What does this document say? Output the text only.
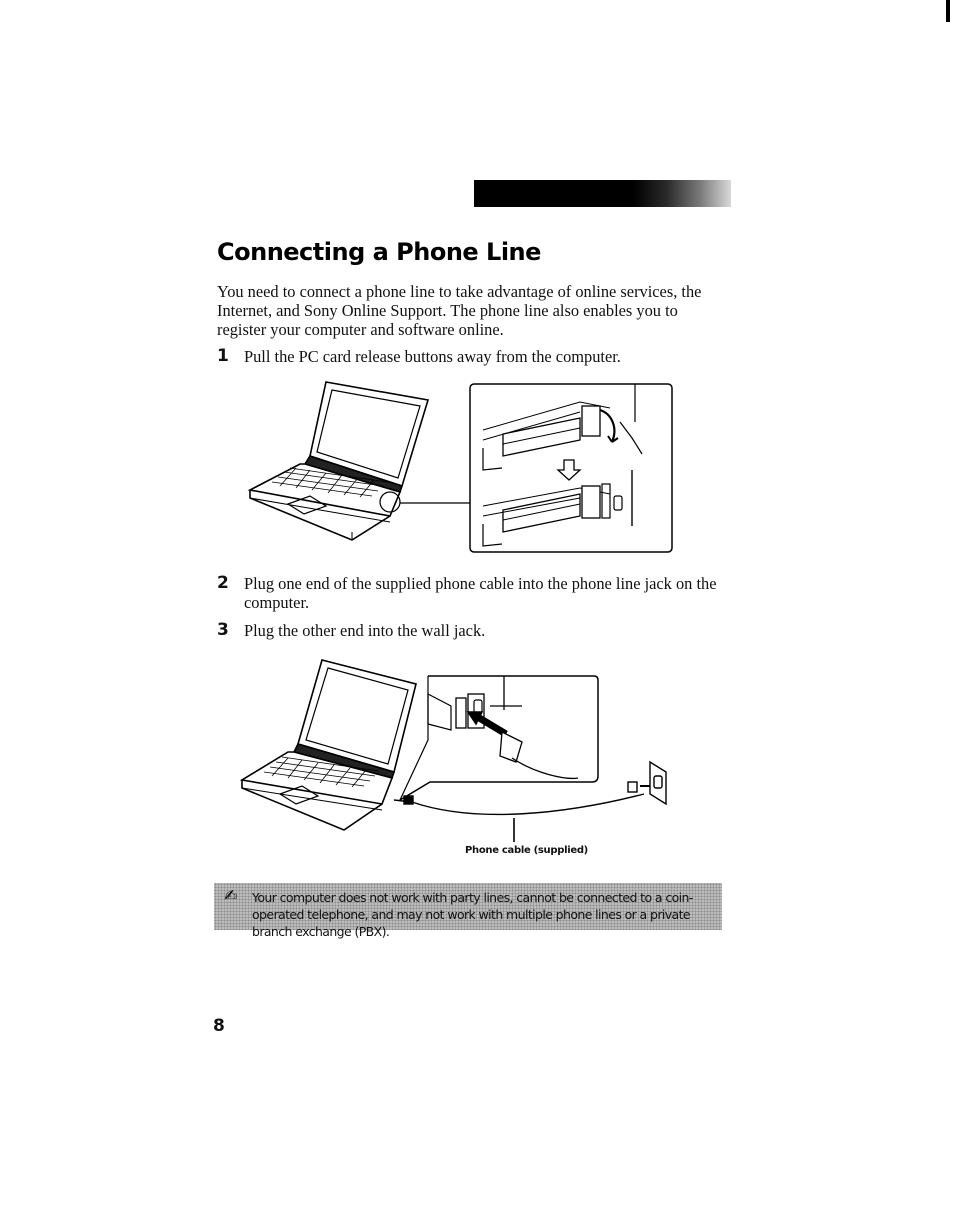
Connecting a Phone Line

You need to connect a phone line to take advantage of online services, the Internet, and Sony Online Support. The phone line also enables you to register your computer and software online.

1 Pull the PC card release buttons away from the computer.
2 Plug one end of the supplied phone cable into the phone line jack on the computer.
3 Plug the other end into the wall jack.
Phone cable (supplied)
✍ Your computer does not work with party lines, cannot be connected to a coin-operated telephone, and may not work with multiple phone lines or a private branch exchange (PBX).
8
